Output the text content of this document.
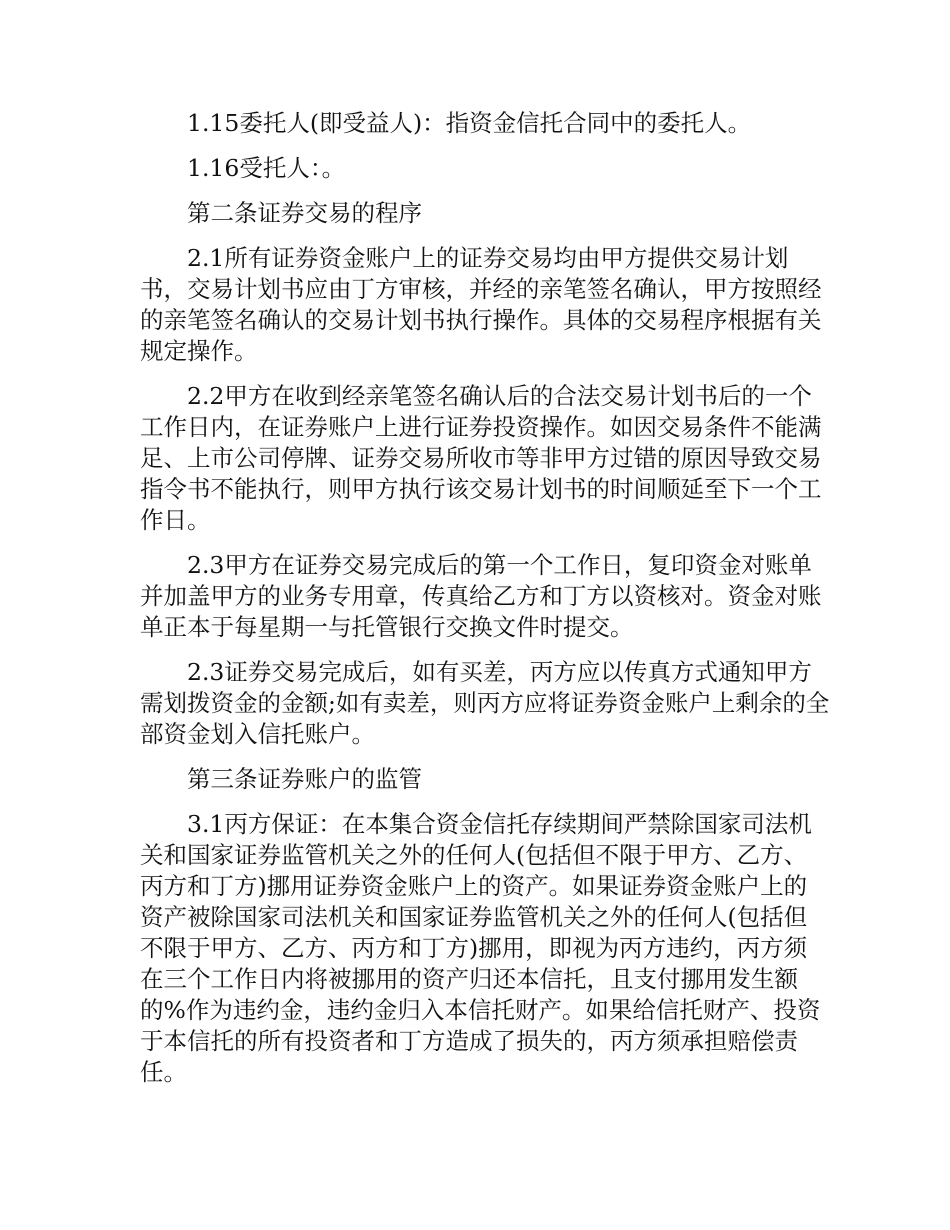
1.15委托人(即受益人)：指资金信托合同中的委托人。

1.16受托人：。

第二条证券交易的程序

2.1所有证券资金账户上的证券交易均由甲方提供交易计划书，交易计划书应由丁方审核，并经的亲笔签名确认，甲方按照经的亲笔签名确认的交易计划书执行操作。具体的交易程序根据有关规定操作。

2.2甲方在收到经亲笔签名确认后的合法交易计划书后的一个工作日内，在证券账户上进行证券投资操作。如因交易条件不能满足、上市公司停牌、证券交易所收市等非甲方过错的原因导致交易指令书不能执行，则甲方执行该交易计划书的时间顺延至下一个工作日。

2.3甲方在证券交易完成后的第一个工作日，复印资金对账单并加盖甲方的业务专用章，传真给乙方和丁方以资核对。资金对账单正本于每星期一与托管银行交换文件时提交。

2.3证券交易完成后，如有买差，丙方应以传真方式通知甲方需划拨资金的金额;如有卖差，则丙方应将证券资金账户上剩余的全部资金划入信托账户。

第三条证券账户的监管

3.1丙方保证：在本集合资金信托存续期间严禁除国家司法机关和国家证券监管机关之外的任何人(包括但不限于甲方、乙方、丙方和丁方)挪用证券资金账户上的资产。如果证券资金账户上的资产被除国家司法机关和国家证券监管机关之外的任何人(包括但不限于甲方、乙方、丙方和丁方)挪用，即视为丙方违约，丙方须在三个工作日内将被挪用的资产归还本信托，且支付挪用发生额的%作为违约金，违约金归入本信托财产。如果给信托财产、投资于本信托的所有投资者和丁方造成了损失的，丙方须承担赔偿责任。
